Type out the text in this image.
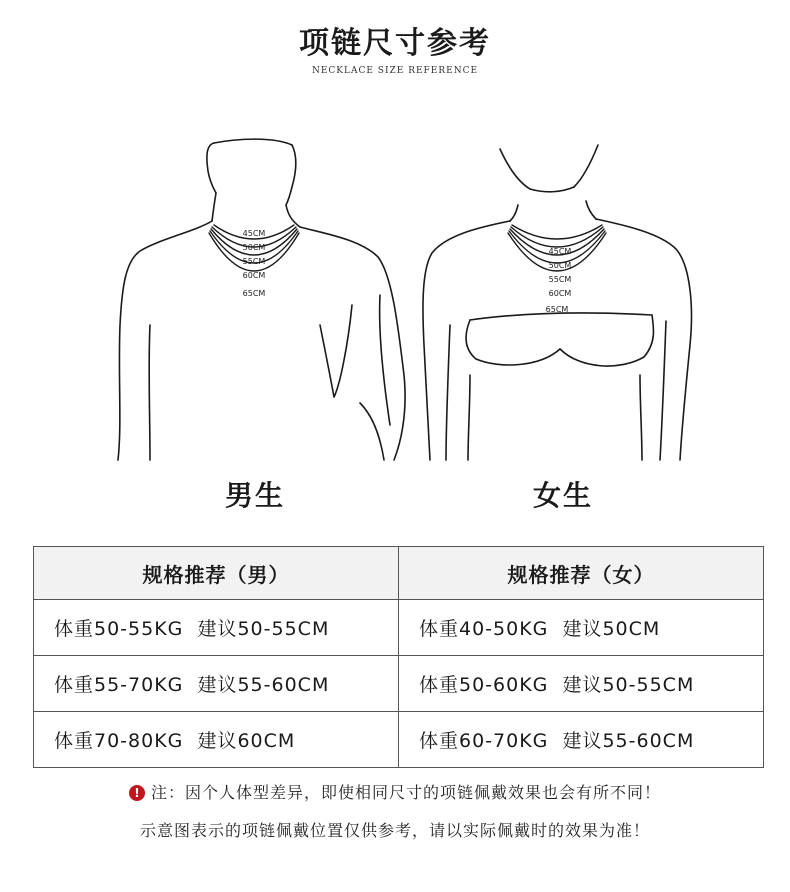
项链尺寸参考
NECKLACE SIZE REFERENCE
45CM
50CM
55CM
60CM
65CM
45CM
50CM
55CM
60CM
65CM
男生	女生
规格推荐（男）	规格推荐（女）
体重50-55KG  建议50-55CM	体重40-50KG  建议50CM
体重55-70KG  建议55-60CM	体重50-60KG  建议50-55CM
体重70-80KG  建议60CM	体重60-70KG  建议55-60CM
! 注：因个人体型差异，即使相同尺寸的项链佩戴效果也会有所不同！
示意图表示的项链佩戴位置仅供参考，请以实际佩戴时的效果为准！
